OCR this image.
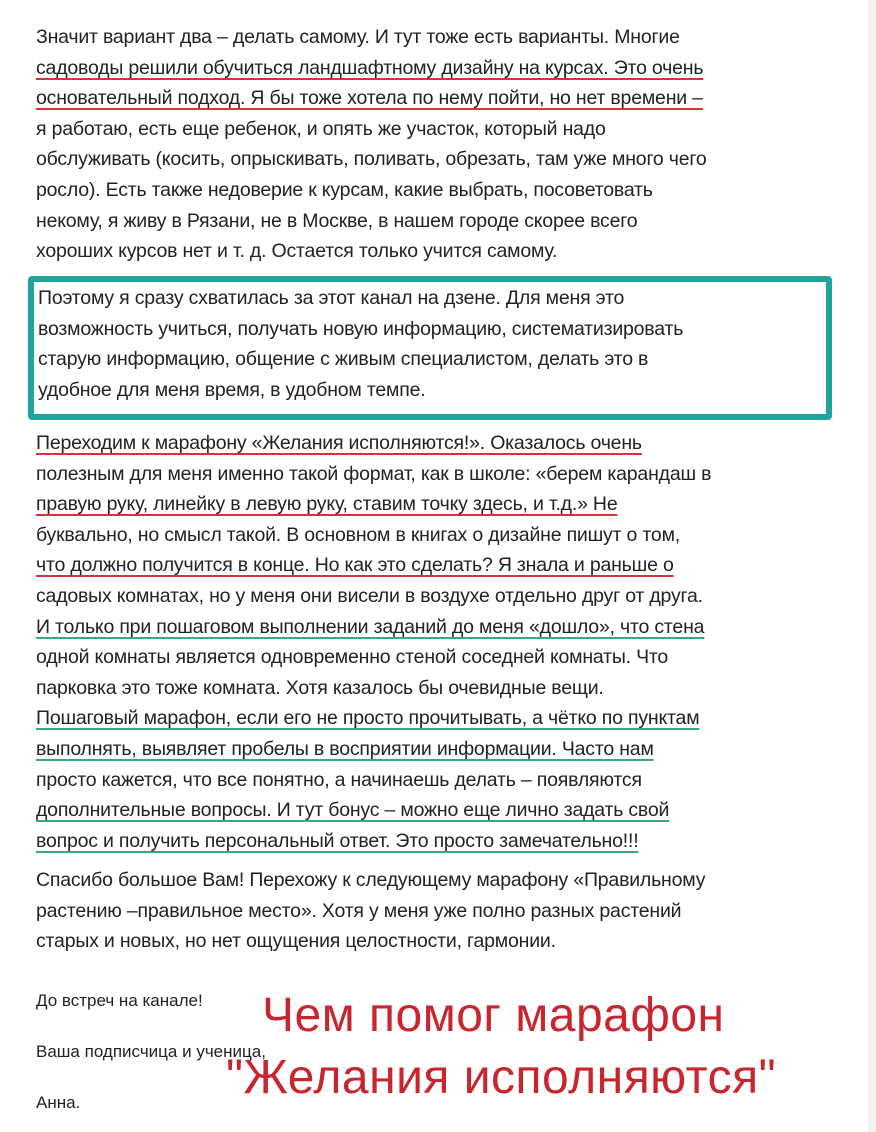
Значит вариант два – делать самому. И тут тоже есть варианты. Многие
садоводы решили обучиться ландшафтному дизайну на курсах. Это очень
основательный подход. Я бы тоже хотела по нему пойти, но нет времени –
я работаю, есть еще ребенок, и опять же участок, который надо
обслуживать (косить, опрыскивать, поливать, обрезать, там уже много чего
росло). Есть также недоверие к курсам, какие выбрать, посоветовать
некому, я живу в Рязани, не в Москве, в нашем городе скорее всего
хороших курсов нет и т. д. Остается только учится самому.
Поэтому я сразу схватилась за этот канал на дзене. Для меня это
возможность учиться, получать новую информацию, систематизировать
старую информацию, общение с живым специалистом, делать это в
удобное для меня время, в удобном темпе.
Переходим к марафону «Желания исполняются!». Оказалось очень
полезным для меня именно такой формат, как в школе: «берем карандаш в
правую руку, линейку в левую руку, ставим точку здесь, и т.д.» Не
буквально, но смысл такой. В основном в книгах о дизайне пишут о том,
что должно получится в конце. Но как это сделать? Я знала и раньше о
садовых комнатах, но у меня они висели в воздухе отдельно друг от друга.
И только при пошаговом выполнении заданий до меня «дошло», что стена
одной комнаты является одновременно стеной соседней комнаты. Что
парковка это тоже комната. Хотя казалось бы очевидные вещи.
Пошаговый марафон, если его не просто прочитывать, а чётко по пунктам
выполнять, выявляет пробелы в восприятии информации. Часто нам
просто кажется, что все понятно, а начинаешь делать – появляются
дополнительные вопросы. И тут бонус – можно еще лично задать свой
вопрос и получить персональный ответ. Это просто замечательно!!!
Спасибо большое Вам! Перехожу к следующему марафону «Правильному
растению –правильное место». Хотя у меня уже полно разных растений
старых и новых, но нет ощущения целостности, гармонии.
До встреч на канале!
Ваша подписчица и ученица,
Анна.
Чем помог марафон
"Желания исполняются"
